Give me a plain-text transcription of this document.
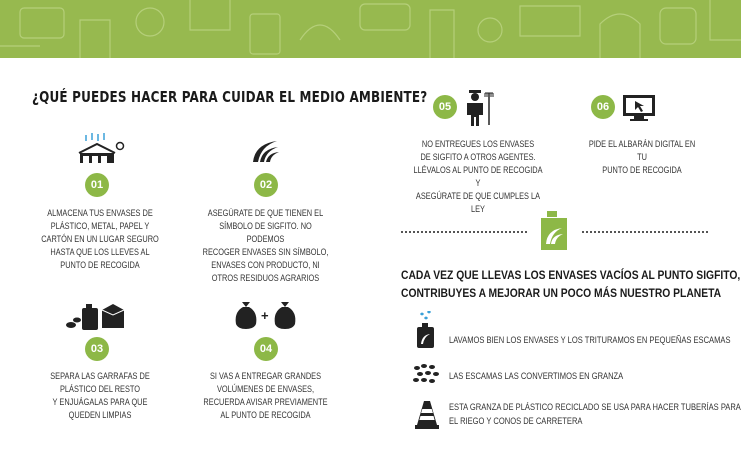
¿QUÉ PUEDES HACER PARA CUIDAR EL MEDIO AMBIENTE?
01
ALMACENA TUS ENVASES DE
PLÁSTICO, METAL, PAPEL Y
CARTÓN EN UN LUGAR SEGURO
HASTA QUE LOS LLEVES AL
PUNTO DE RECOGIDA
02
ASEGÚRATE DE QUE TIENEN EL
SÍMBOLO DE SIGFITO. NO PODEMOS
RECOGER ENVASES SIN SÍMBOLO,
ENVASES CON PRODUCTO, NI
OTROS RESIDUOS AGRARIOS
03
SEPARA LAS GARRAFAS DE
PLÁSTICO DEL RESTO
Y ENJUÁGALAS PARA QUE
QUEDEN LIMPIAS
+
04
SI VAS A ENTREGAR GRANDES
VOLÚMENES DE ENVASES,
RECUERDA AVISAR PREVIAMENTE
AL PUNTO DE RECOGIDA
05
NO ENTREGUES LOS ENVASES
DE SIGFITO A OTROS AGENTES.
LLÉVALOS AL PUNTO DE RECOGIDA Y
ASEGÚRATE DE QUE CUMPLES LA LEY
06
PIDE EL ALBARÁN DIGITAL EN TU
PUNTO DE RECOGIDA
CADA VEZ QUE LLEVAS LOS ENVASES VACÍOS AL PUNTO SIGFITO,
CONTRIBUYES A MEJORAR UN POCO MÁS NUESTRO PLANETA
LAVAMOS BIEN LOS ENVASES Y LOS TRITURAMOS EN PEQUEÑAS ESCAMAS
LAS ESCAMAS LAS CONVERTIMOS EN GRANZA
ESTA GRANZA DE PLÁSTICO RECICLADO SE USA PARA HACER TUBERÍAS PARA
EL RIEGO Y CONOS DE CARRETERA
